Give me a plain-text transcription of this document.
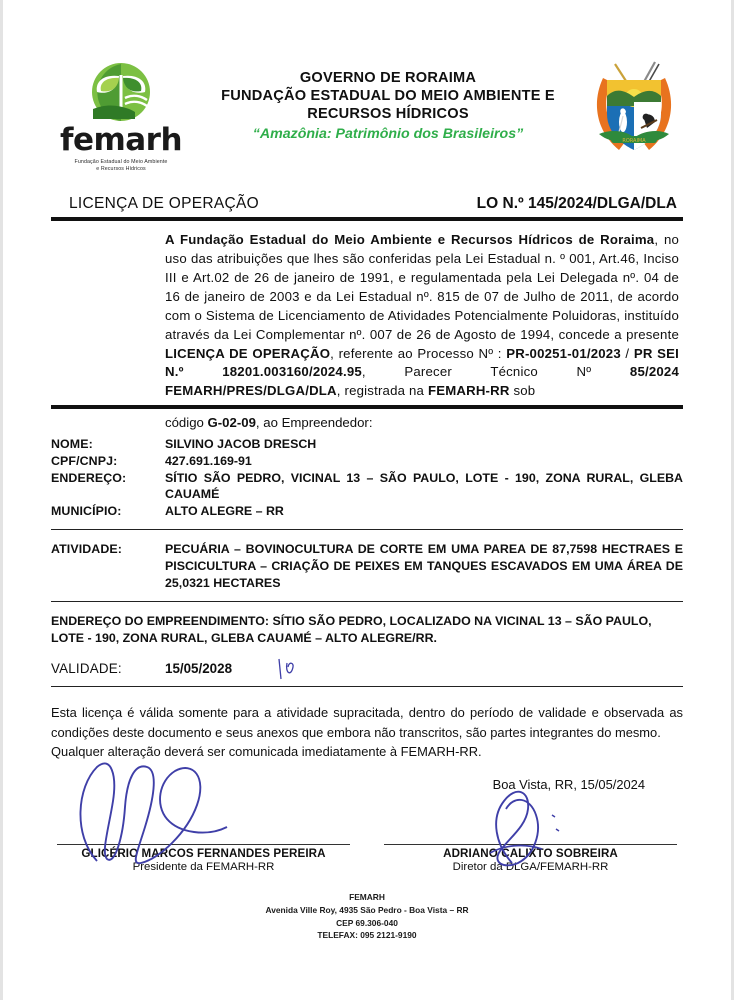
femarh
Fundação Estadual do Meio Ambiente
e Recursos Hídricos
GOVERNO DE RORAIMA
FUNDAÇÃO ESTADUAL DO MEIO AMBIENTE E
RECURSOS HÍDRICOS
“Amazônia: Patrimônio dos Brasileiros”	RORAIMA
LICENÇA DE OPERAÇÃO	LO N.º 145/2024/DLGA/DLA

A Fundação Estadual do Meio Ambiente e Recursos Hídricos de Roraima, no uso das atribuições que lhes são conferidas pela Lei Estadual n. º 001, Art.46, Inciso III e Art.02 de 26 de janeiro de 1991, e regulamentada pela Lei Delegada nº. 04 de 16 de janeiro de 2003 e da Lei Estadual nº. 815 de 07 de Julho de 2011, de acordo com o Sistema de Licenciamento de Atividades Potencialmente Poluidoras, instituído através da Lei Complementar nº. 007 de 26 de Agosto de 1994, concede a presente LICENÇA DE OPERAÇÃO, referente ao Processo Nº : PR-00251-01/2023 / PR SEI N.º 18201.003160/2024.95, Parecer Técnico Nº 85/2024 FEMARH/PRES/DLGA/DLA, registrada na FEMARH-RR sob

código G-02-09, ao Empreendedor:
NOME:	SILVINO JACOB DRESCH
CPF/CNPJ:	427.691.169-91
ENDEREÇO:	SÍTIO SÃO PEDRO, VICINAL 13 – SÃO PAULO, LOTE - 190, ZONA RURAL, GLEBA CAUAMÉ
MUNICÍPIO:	ALTO ALEGRE – RR
ATIVIDADE:	PECUÁRIA – BOVINOCULTURA DE CORTE EM UMA PAREA DE 87,7598 HECTRAES E PISCICULTURA – CRIAÇÃO DE PEIXES EM TANQUES ESCAVADOS EM UMA ÁREA DE 25,0321 HECTARES
ENDEREÇO DO EMPREENDIMENTO: SÍTIO SÃO PEDRO, LOCALIZADO NA VICINAL 13 – SÃO PAULO, LOTE - 190, ZONA RURAL, GLEBA CAUAMÉ – ALTO ALEGRE/RR.
VALIDADE:	15/05/2028
Esta licença é válida somente para a atividade supracitada, dentro do período de validade e observada as condições deste documento e seus anexos que embora não transcritos, são partes integrantes do mesmo.
Qualquer alteração deverá ser comunicada imediatamente à FEMARH-RR.
Boa Vista, RR, 15/05/2024
GLICÉRIO MARCOS FERNANDES PEREIRA
Presidente da FEMARH-RR
ADRIANO CALIXTO SOBREIRA
Diretor da DLGA/FEMARH-RR
FEMARH
Avenida Ville Roy, 4935 São Pedro - Boa Vista – RR
CEP 69.306-040
TELEFAX: 095 2121-9190
